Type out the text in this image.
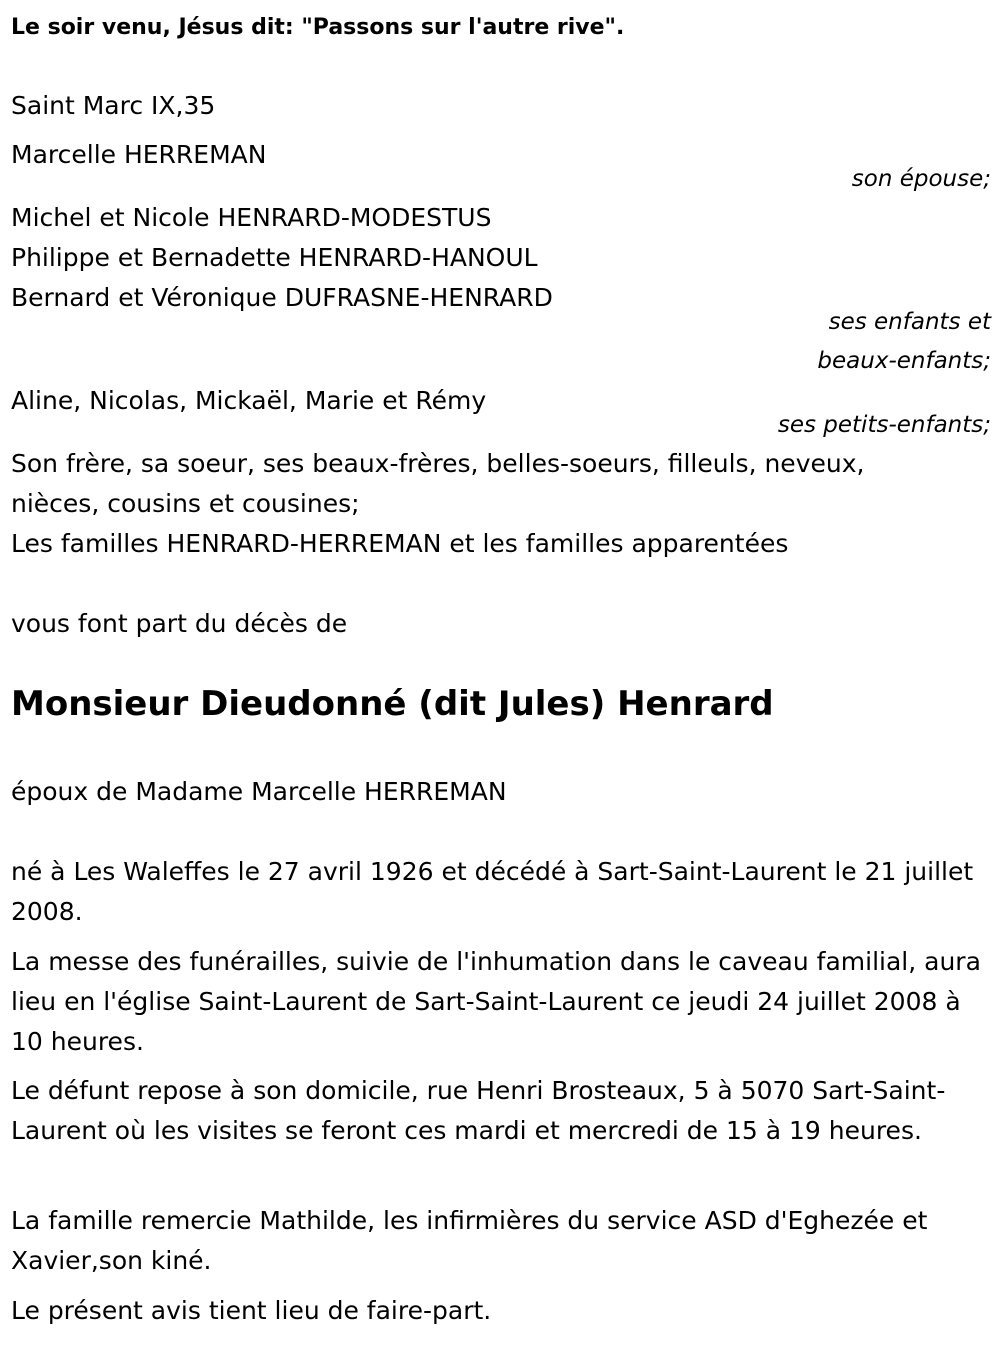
Le soir venu, Jésus dit: "Passons sur l'autre rive".
Saint Marc IX,35
Marcelle HERREMAN
son épouse;
Michel et Nicole HENRARD-MODESTUS
Philippe et Bernadette HENRARD-HANOUL
Bernard et Véronique DUFRASNE-HENRARD
ses enfants et
beaux-enfants;
Aline, Nicolas, Mickaël, Marie et Rémy
ses petits-enfants;
Son frère, sa soeur, ses beaux-frères, belles-soeurs, filleuls, neveux, nièces, cousins et cousines;
Les familles HENRARD-HERREMAN et les familles apparentées
vous font part du décès de
Monsieur Dieudonné (dit Jules) Henrard
époux de Madame Marcelle HERREMAN
né à Les Waleffes le 27 avril 1926 et décédé à Sart-Saint-Laurent le 21 juillet 2008.
La messe des funérailles, suivie de l'inhumation dans le caveau familial, aura lieu en l'église Saint-Laurent de Sart-Saint-Laurent ce jeudi 24 juillet 2008 à 10 heures.
Le défunt repose à son domicile, rue Henri Brosteaux, 5 à 5070 Sart-Saint-Laurent où les visites se feront ces mardi et mercredi de 15 à 19 heures.
La famille remercie Mathilde, les infirmières du service ASD d'Eghezée et Xavier,son kiné.
Le présent avis tient lieu de faire-part.
